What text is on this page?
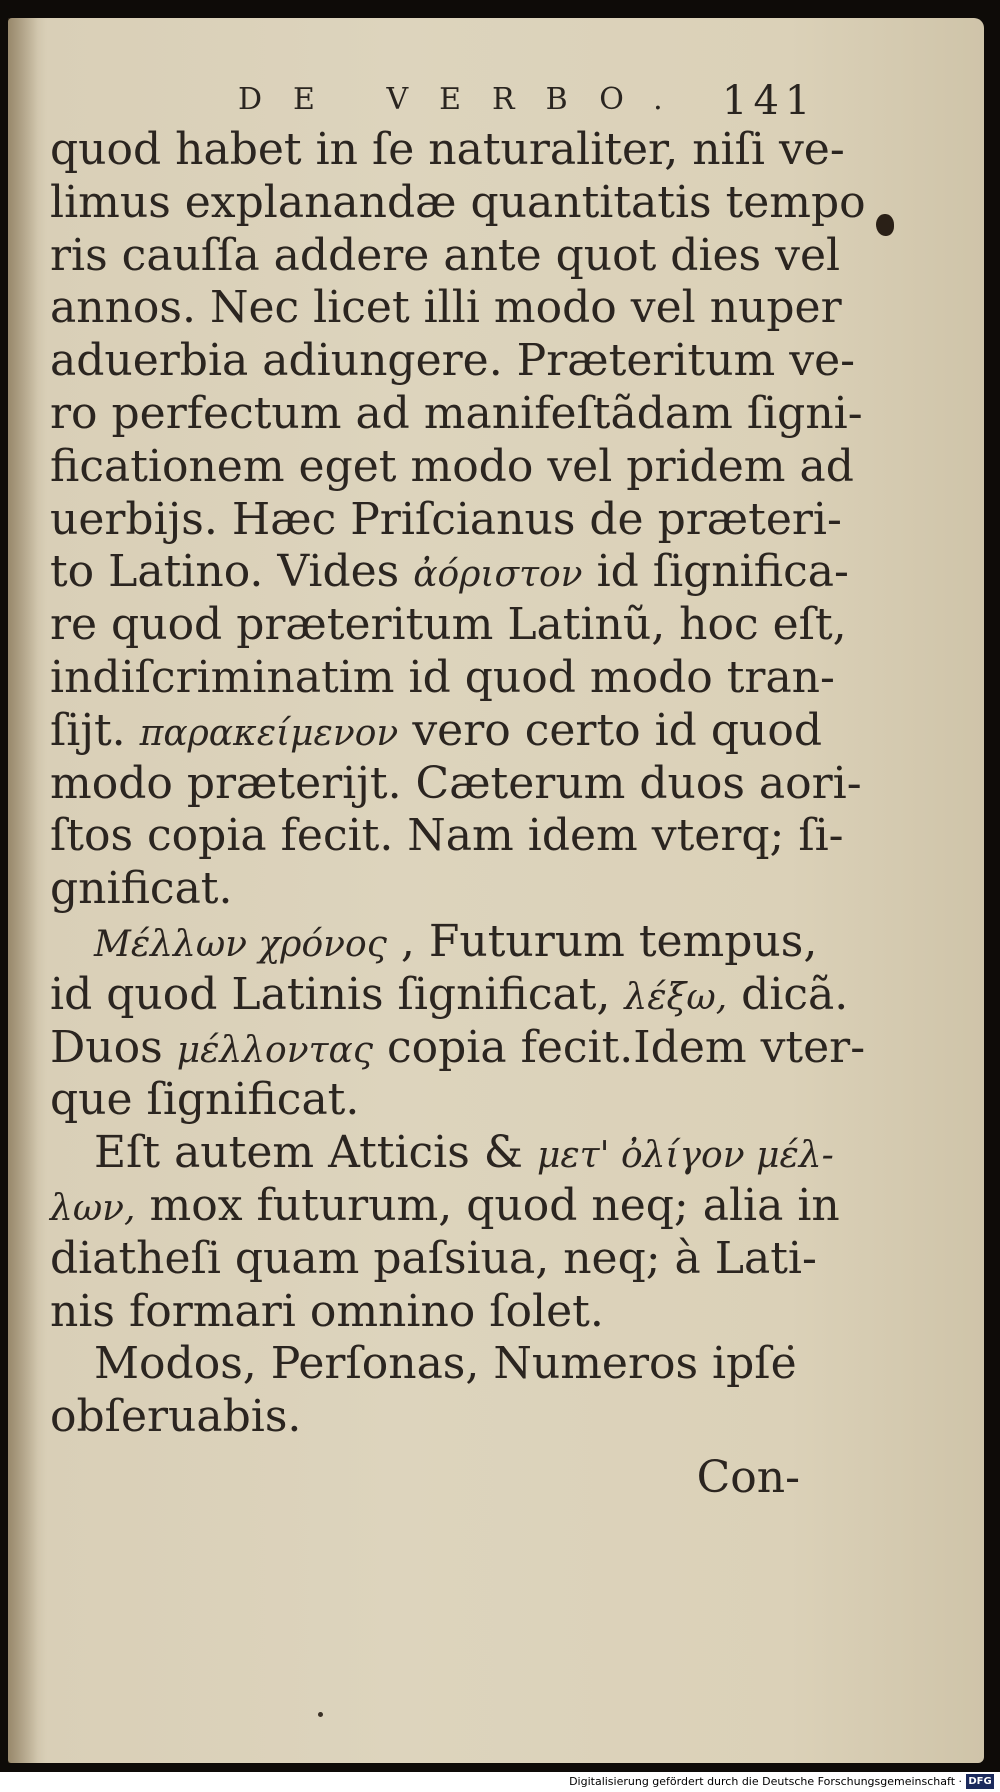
DE VERBO. 141
quod habet in ſe naturaliter, niſi ve-
limus explanandæ quantitatis tempo
ris cauſſa addere ante quot dies vel
annos. Nec licet illi modo vel nuper
aduerbia adiungere. Præteritum ve-
ro perfectum ad manifeſtãdam ſigni-
ficationem eget modo vel pridem ad
uerbijs. Hæc Priſcianus de præteri-
to Latino. Vides ἀόριστον id ſignifica-
re quod præteritum Latinũ, hoc eſt,
indiſcriminatim id quod modo tran-
ſijt. παρακείμενον vero certo id quod
modo præterijt. Cæterum duos aori-
ſtos copia fecit. Nam idem vterq; ſi-
gnificat.
Μέλλων χρόνος , Futurum tempus,
id quod Latinis ſignificat, λέξω, dicã.
Duos μέλλοντας copia fecit.Idem vter-
que ſignificat.
Eſt autem Atticis & μετ' ὀλίγον μέλ-
λων, mox futurum, quod neq; alia in
diatheſi quam paſsiua, neq; à Lati-
nis formari omnino ſolet.
Modos, Perſonas, Numeros ipſe
obſeruabis.
Con-
Digitalisierung gefördert durch die Deutsche Forschungsgemeinschaft · DFG
